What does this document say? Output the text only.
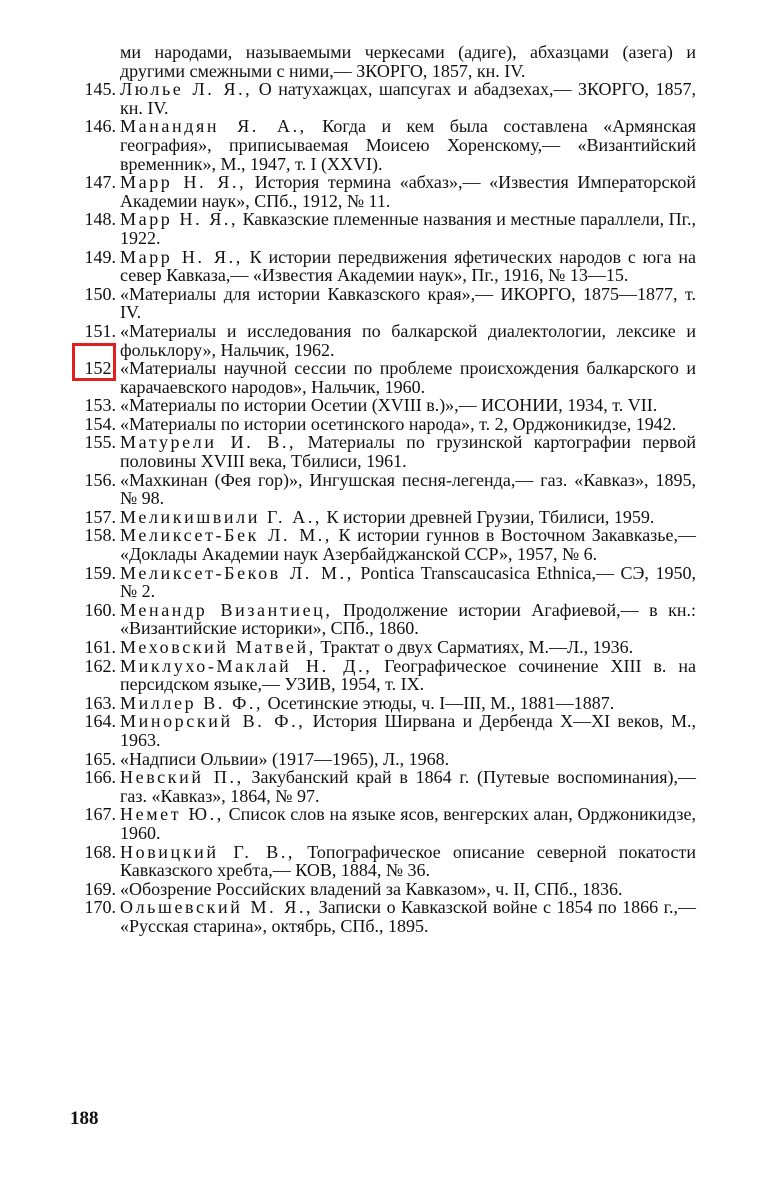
ми народами, называемыми черкесами (адиге), абхазцами (азега) и другими смежными с ними,— ЗКОРГО, 1857, кн. IV.
145. Люлье Л. Я., О натухажцах, шапсугах и абадзехах,— ЗКОРГО, 1857, кн. IV.
146. Манандян Я. А., Когда и кем была составлена «Армянская география», приписываемая Моисею Хоренскому,— «Византийский временник», М., 1947, т. I (XXVI).
147. Марр Н. Я., История термина «абхаз»,— «Известия Императорской Академии наук», СПб., 1912, № 11.
148. Марр Н. Я., Кавказские племенные названия и местные параллели, Пг., 1922.
149. Марр Н. Я., К истории передвижения яфетических народов с юга на север Кавказа,— «Известия Академии наук», Пг., 1916, № 13—15.
150. «Материалы для истории Кавказского края»,— ИКОРГО, 1875—1877, т. IV.
151. «Материалы и исследования по балкарской диалектологии, лексике и фольклору», Нальчик, 1962.
152. «Материалы научной сессии по проблеме происхождения балкарского и карачаевского народов», Нальчик, 1960.
153. «Материалы по истории Осетии (XVIII в.)»,— ИСОНИИ, 1934, т. VII.
154. «Материалы по истории осетинского народа», т. 2, Орджоникидзе, 1942.
155. Матурели И. В., Материалы по грузинской картографии первой половины XVIII века, Тбилиси, 1961.
156. «Махкинан (Фея гор)», Ингушская песня-легенда,— газ. «Кавказ», 1895, № 98.
157. Меликишвили Г. А., К истории древней Грузии, Тбилиси, 1959.
158. Меликсет-Бек Л. М., К истории гуннов в Восточном Закавказье,— «Доклады Академии наук Азербайджанской ССР», 1957, № 6.
159. Меликсет-Беков Л. М., Pontica Transcaucasica Ethnica,— СЭ, 1950, № 2.
160. Менандр Византиец, Продолжение истории Агафиевой,— в кн.: «Византийские историки», СПб., 1860.
161. Меховский Матвей, Трактат о двух Сарматиях, М.—Л., 1936.
162. Миклухо-Маклай Н. Д., Географическое сочинение XIII в. на персидском языке,— УЗИВ, 1954, т. IX.
163. Миллер В. Ф., Осетинские этюды, ч. I—III, М., 1881—1887.
164. Минорский В. Ф., История Ширвана и Дербенда X—XI веков, М., 1963.
165. «Надписи Ольвии» (1917—1965), Л., 1968.
166. Невский П., Закубанский край в 1864 г. (Путевые воспоминания),— газ. «Кавказ», 1864, № 97.
167. Немет Ю., Список слов на языке ясов, венгерских алан, Орджоникидзе, 1960.
168. Новицкий Г. В., Топографическое описание северной покатости Кавказского хребта,— КОВ, 1884, № 36.
169. «Обозрение Российских владений за Кавказом», ч. II, СПб., 1836.
170. Ольшевский М. Я., Записки о Кавказской войне с 1854 по 1866 г.,— «Русская старина», октябрь, СПб., 1895.
188
